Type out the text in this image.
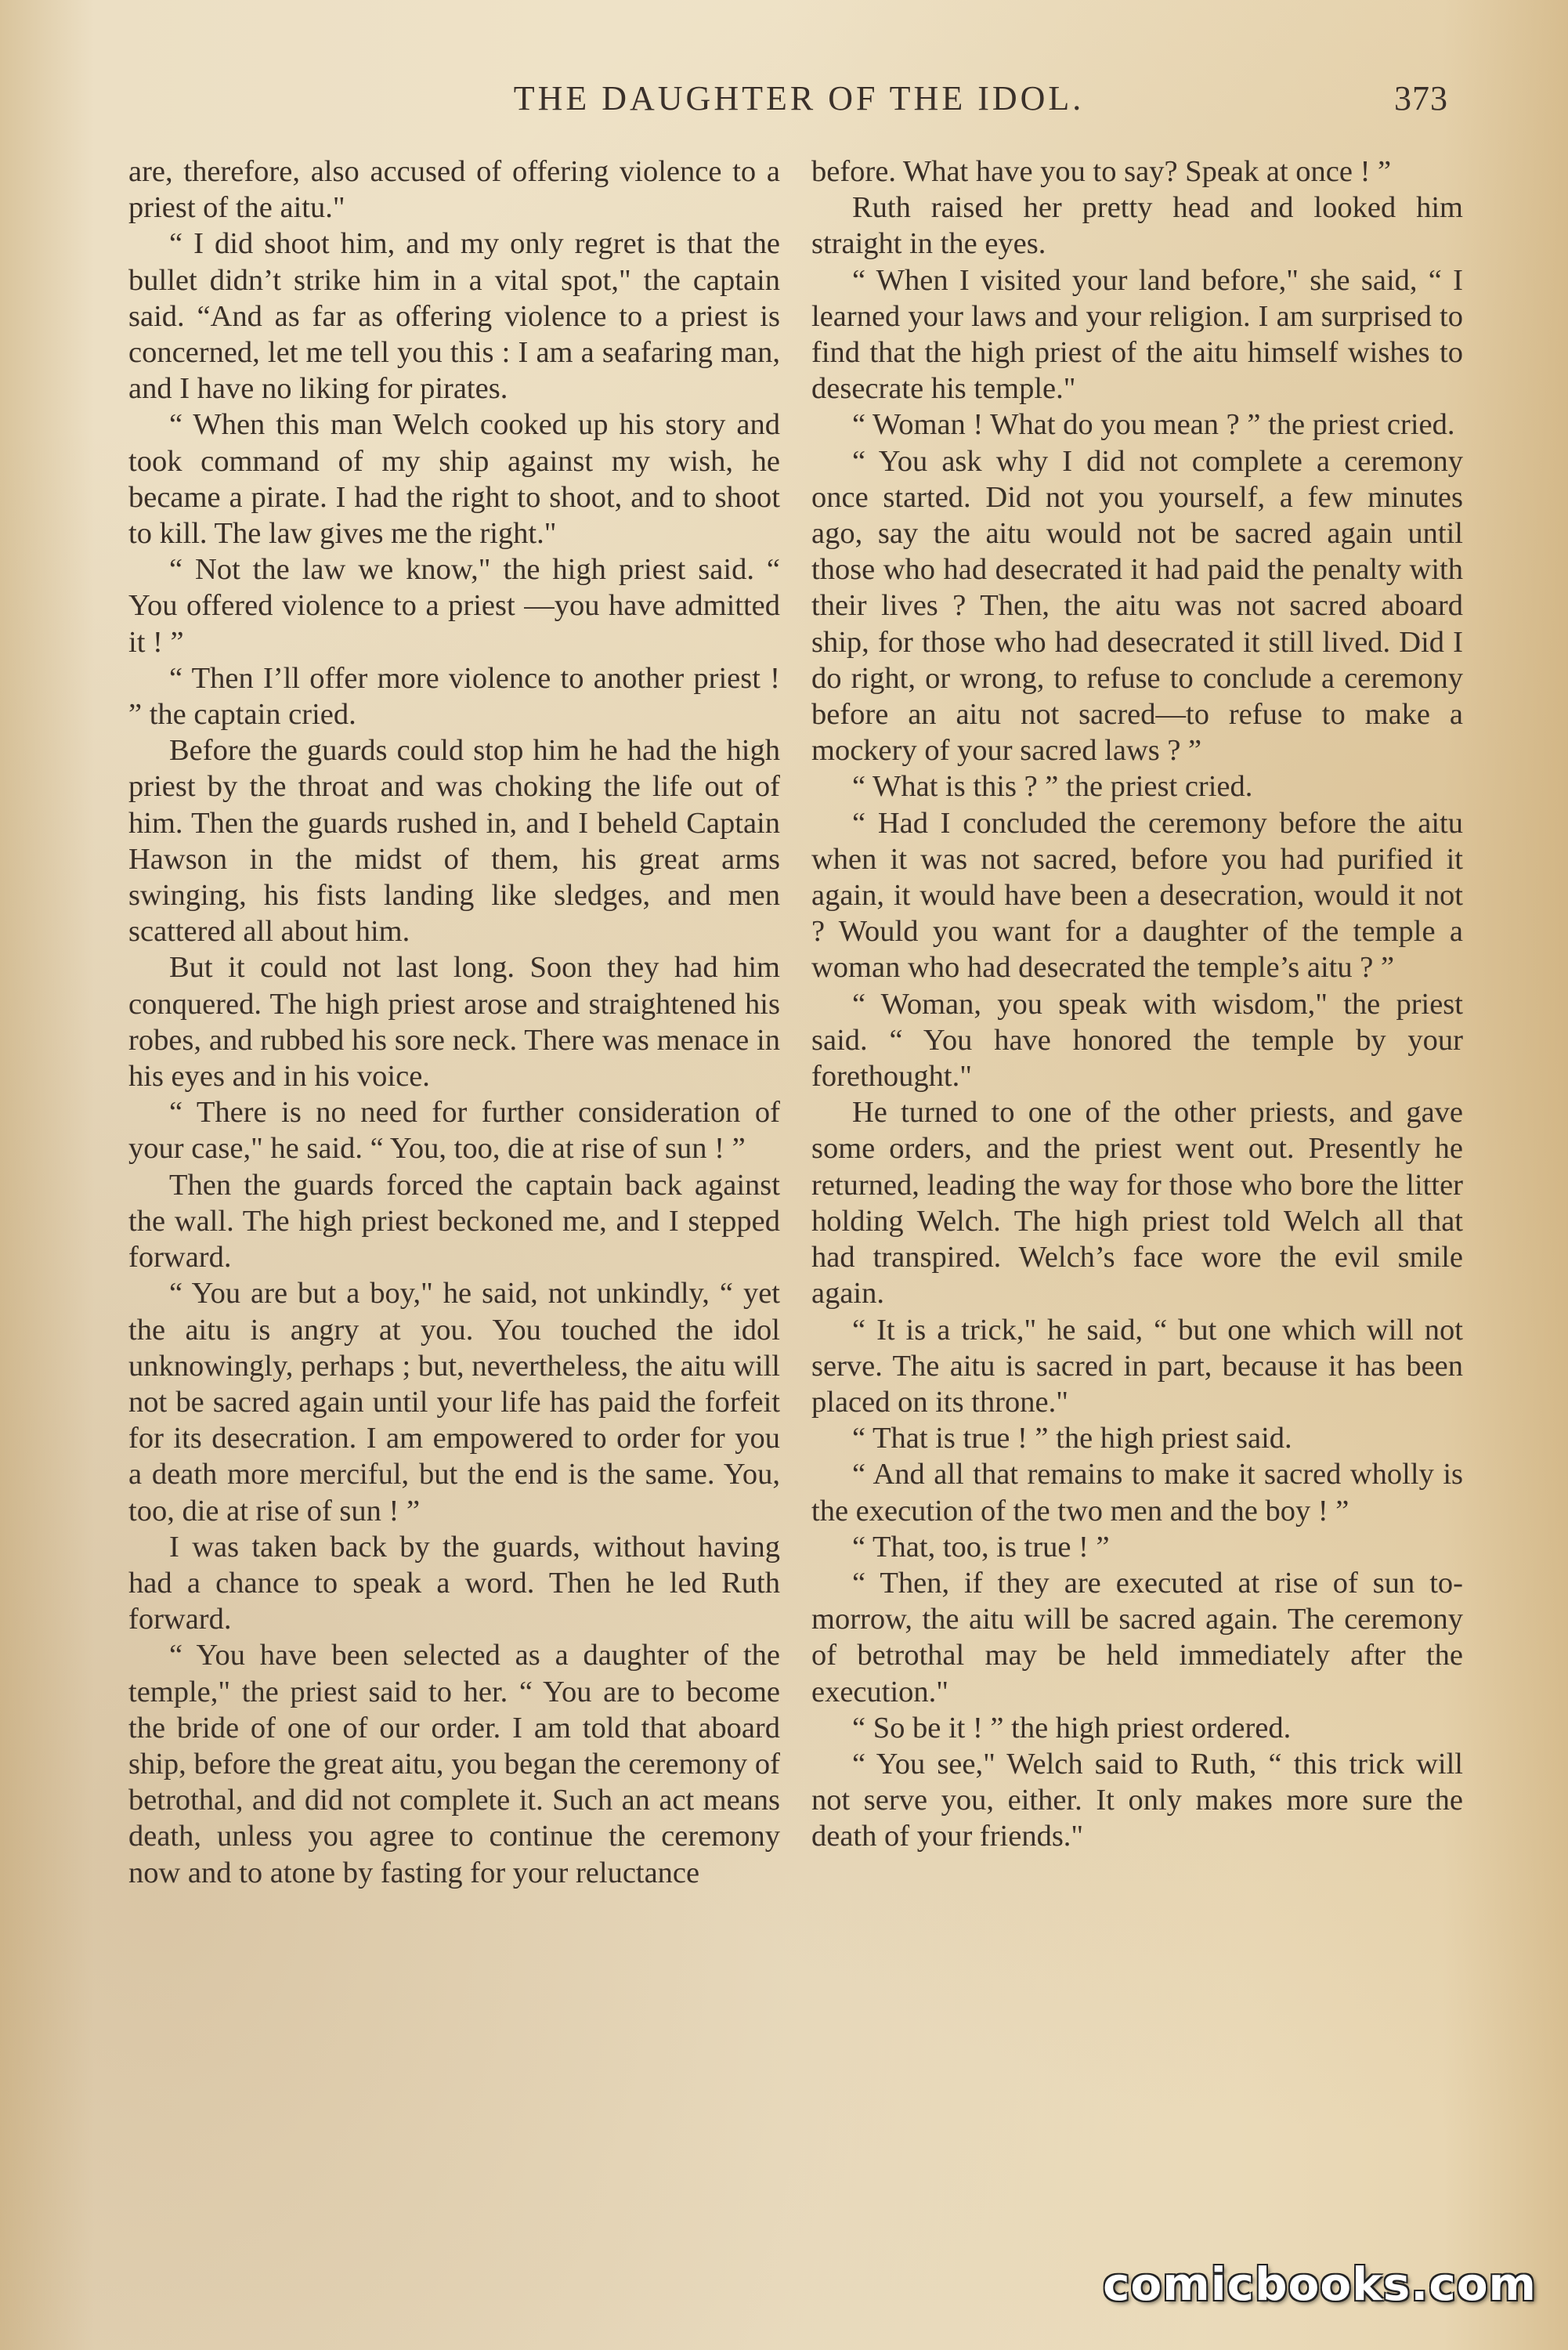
THE DAUGHTER OF THE IDOL.	373

are, therefore, also accused of offering violence to a priest of the aitu."

“ I did shoot him, and my only regret is that the bullet didn’t strike him in a vital spot," the captain said. “And as far as offering violence to a priest is concerned, let me tell you this : I am a seafaring man, and I have no liking for pirates.

“ When this man Welch cooked up his story and took command of my ship against my wish, he became a pirate. I had the right to shoot, and to shoot to kill. The law gives me the right."

“ Not the law we know," the high priest said. “ You offered violence to a priest —you have admitted it ! ”

“ Then I’ll offer more violence to another priest ! ” the captain cried.

Before the guards could stop him he had the high priest by the throat and was choking the life out of him. Then the guards rushed in, and I beheld Captain Hawson in the midst of them, his great arms swinging, his fists landing like sledges, and men scattered all about him.

But it could not last long. Soon they had him conquered. The high priest arose and straightened his robes, and rubbed his sore neck. There was menace in his eyes and in his voice.

“ There is no need for further consideration of your case," he said. “ You, too, die at rise of sun ! ”

Then the guards forced the captain back against the wall. The high priest beckoned me, and I stepped forward.

“ You are but a boy," he said, not unkindly, “ yet the aitu is angry at you. You touched the idol unknowingly, perhaps ; but, nevertheless, the aitu will not be sacred again until your life has paid the forfeit for its desecration. I am empowered to order for you a death more merciful, but the end is the same. You, too, die at rise of sun ! ”

I was taken back by the guards, without having had a chance to speak a word. Then he led Ruth forward.

“ You have been selected as a daughter of the temple," the priest said to her. “ You are to become the bride of one of our order. I am told that aboard ship, before the great aitu, you began the ceremony of betrothal, and did not complete it. Such an act means death, unless you agree to continue the ceremony now and to atone by fasting for your reluctance

before. What have you to say? Speak at once ! ”

Ruth raised her pretty head and looked him straight in the eyes.

“ When I visited your land before," she said, “ I learned your laws and your religion. I am surprised to find that the high priest of the aitu himself wishes to desecrate his temple."

“ Woman ! What do you mean ? ” the priest cried.

“ You ask why I did not complete a ceremony once started. Did not you yourself, a few minutes ago, say the aitu would not be sacred again until those who had desecrated it had paid the penalty with their lives ? Then, the aitu was not sacred aboard ship, for those who had desecrated it still lived. Did I do right, or wrong, to refuse to conclude a ceremony before an aitu not sacred—to refuse to make a mockery of your sacred laws ? ”

“ What is this ? ” the priest cried.

“ Had I concluded the ceremony before the aitu when it was not sacred, before you had purified it again, it would have been a desecration, would it not ? Would you want for a daughter of the temple a woman who had desecrated the temple’s aitu ? ”

“ Woman, you speak with wisdom," the priest said. “ You have honored the temple by your forethought."

He turned to one of the other priests, and gave some orders, and the priest went out. Presently he returned, leading the way for those who bore the litter holding Welch. The high priest told Welch all that had transpired. Welch’s face wore the evil smile again.

“ It is a trick," he said, “ but one which will not serve. The aitu is sacred in part, because it has been placed on its throne."

“ That is true ! ” the high priest said.

“ And all that remains to make it sacred wholly is the execution of the two men and the boy ! ”

“ That, too, is true ! ”

“ Then, if they are executed at rise of sun to-morrow, the aitu will be sacred again. The ceremony of betrothal may be held immediately after the execution."

“ So be it ! ” the high priest ordered.

“ You see," Welch said to Ruth, “ this trick will not serve you, either. It only makes more sure the death of your friends."

comicbooks.com
